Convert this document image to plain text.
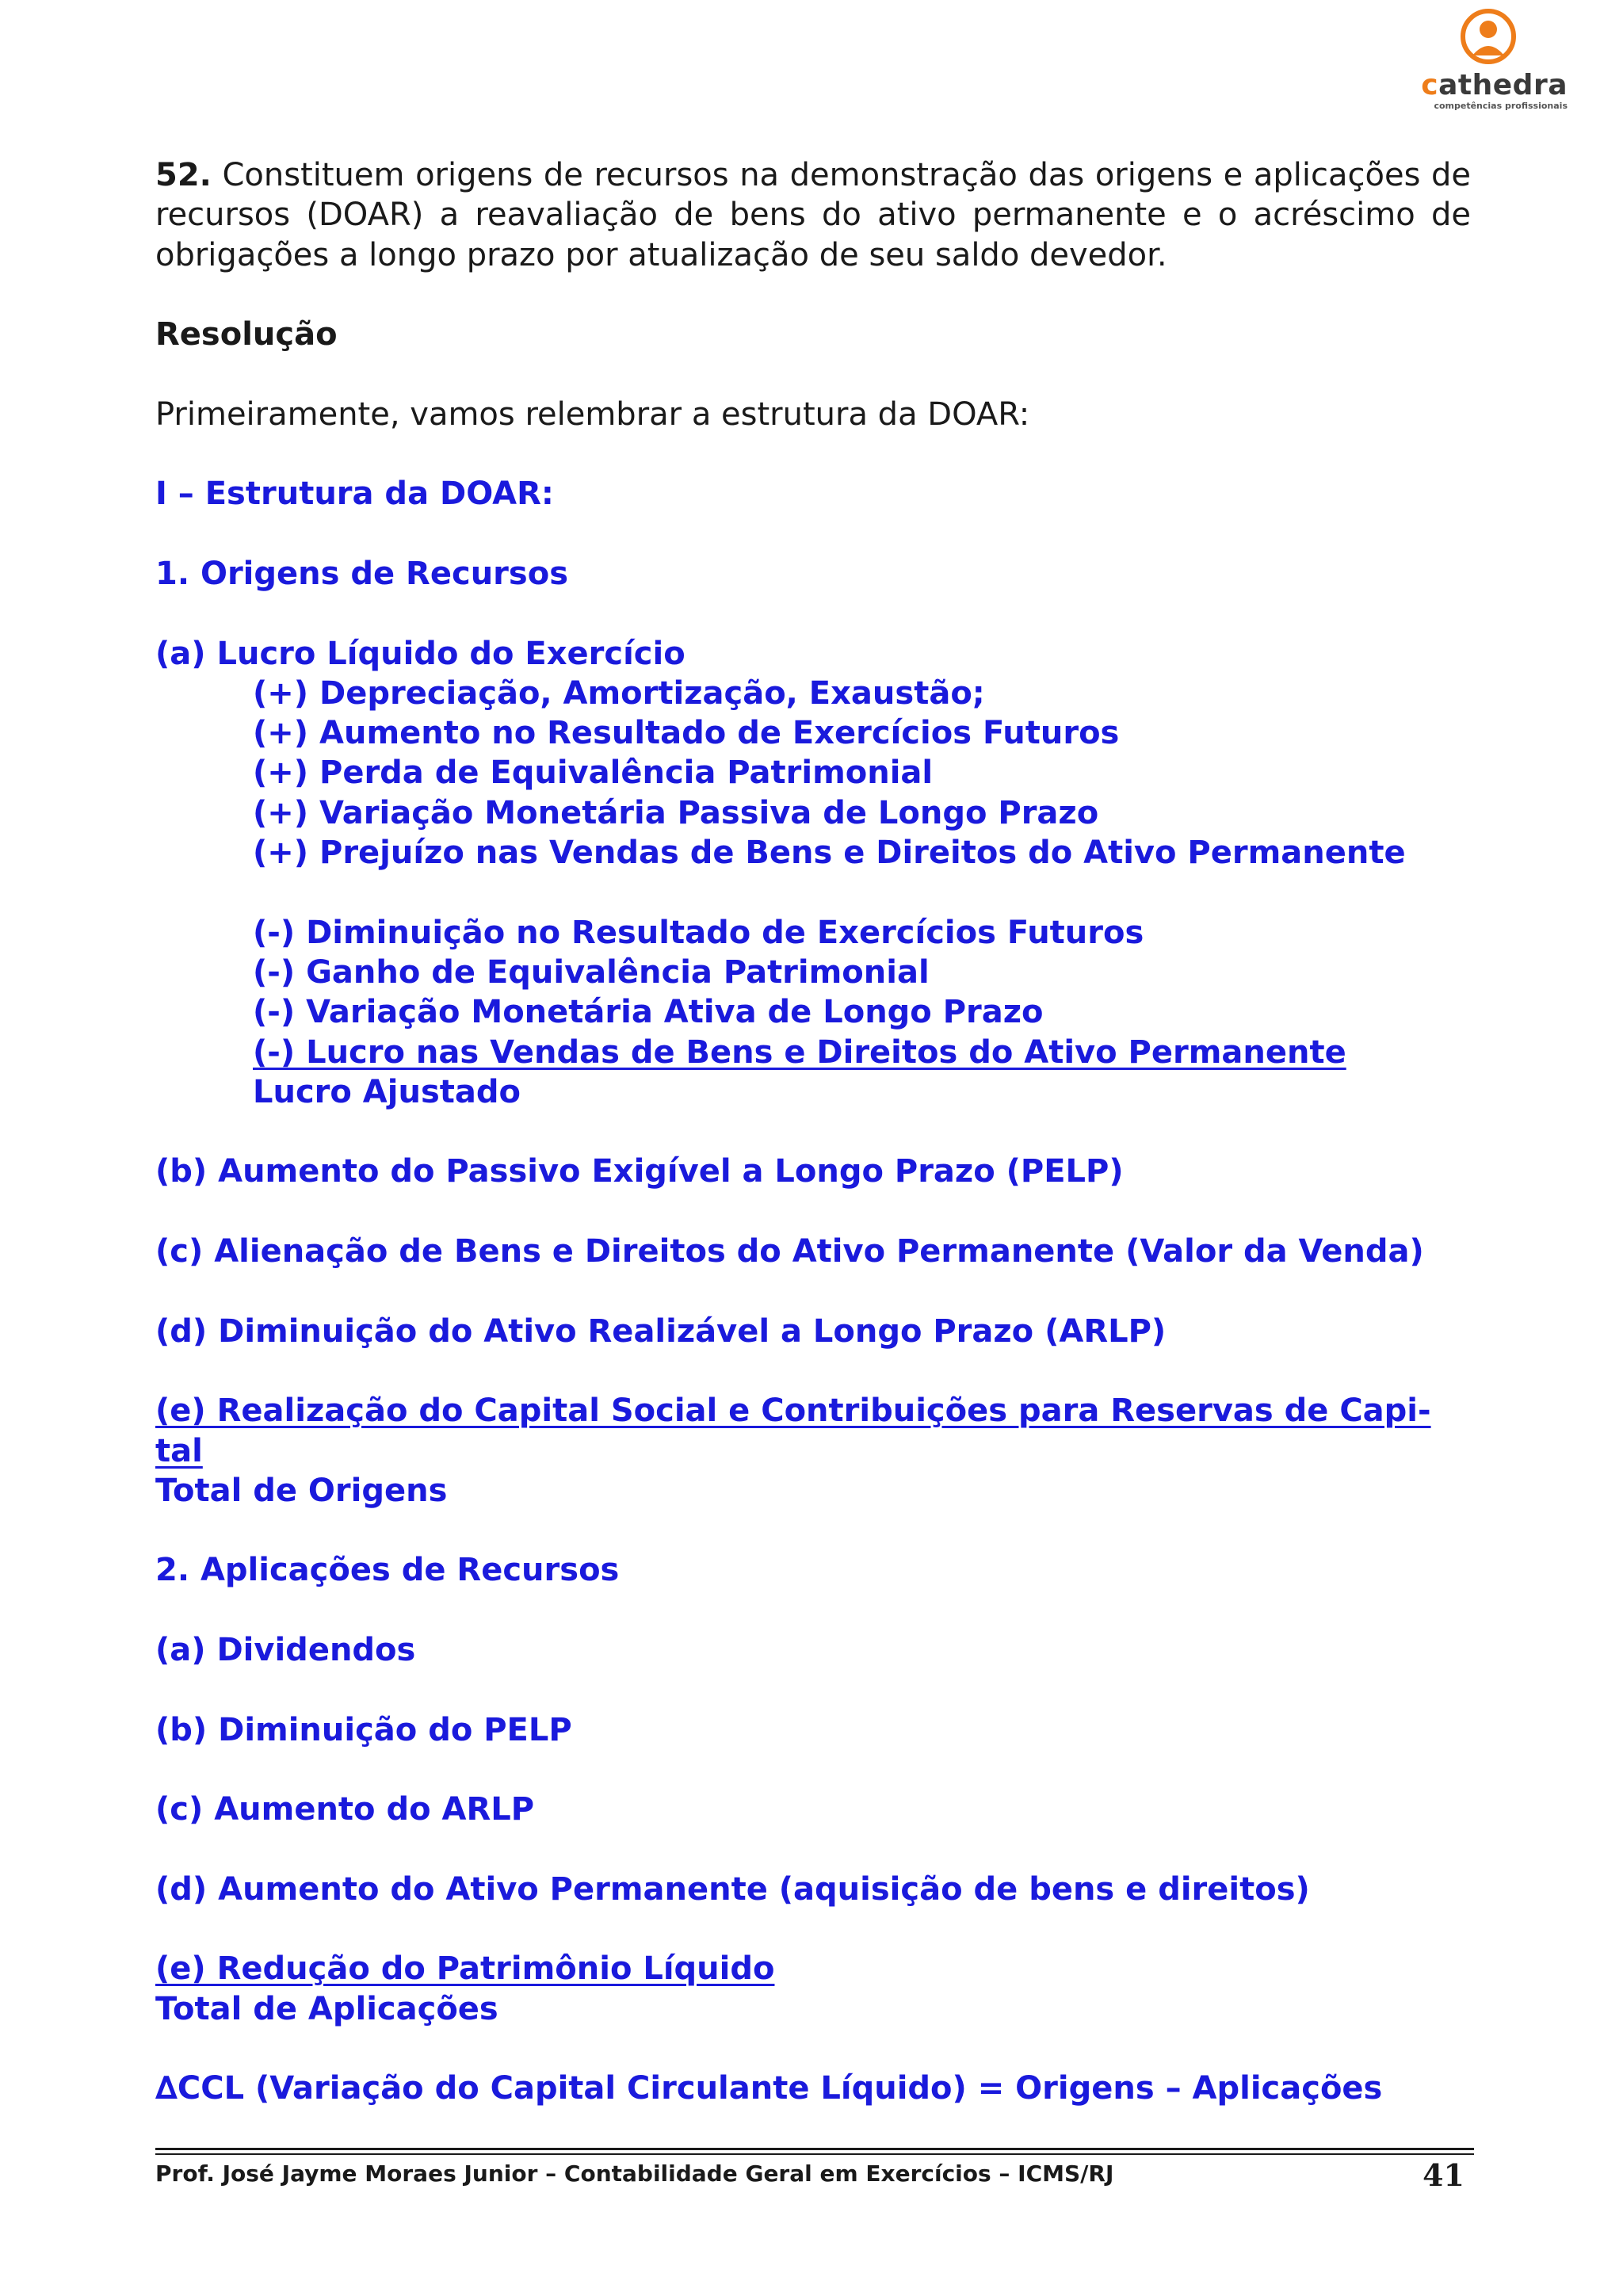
cathedra
competências profissionais

52. Constituem origens de recursos na demonstração das origens e aplicações de recursos (DOAR) a reavaliação de bens do ativo permanente e o acréscimo de obrigações a longo prazo por atualização de seu saldo devedor.

Resolução

Primeiramente, vamos relembrar a estrutura da DOAR:

I – Estrutura da DOAR:

1. Origens de Recursos

(a) Lucro Líquido do Exercício

(+) Depreciação, Amortização, Exaustão;

(+) Aumento no Resultado de Exercícios Futuros

(+) Perda de Equivalência Patrimonial

(+) Variação Monetária Passiva de Longo Prazo

(+) Prejuízo nas Vendas de Bens e Direitos do Ativo Permanente

(-) Diminuição no Resultado de Exercícios Futuros

(-) Ganho de Equivalência Patrimonial

(-) Variação Monetária Ativa de Longo Prazo

(-) Lucro nas Vendas de Bens e Direitos do Ativo Permanente

Lucro Ajustado

(b) Aumento do Passivo Exigível a Longo Prazo (PELP)

(c) Alienação de Bens e Direitos do Ativo Permanente (Valor da Venda)

(d) Diminuição do Ativo Realizável a Longo Prazo (ARLP)

(e) Realização do Capital Social e Contribuições para Reservas de Capi-

tal

Total de Origens

2. Aplicações de Recursos

(a) Dividendos

(b) Diminuição do PELP

(c) Aumento do ARLP

(d) Aumento do Ativo Permanente (aquisição de bens e direitos)

(e) Redução do Patrimônio Líquido

Total de Aplicações

∆CCL (Variação do Capital Circulante Líquido) = Origens – Aplicações

Prof. José Jayme Moraes Junior – Contabilidade Geral em Exercícios – ICMS/RJ	41
